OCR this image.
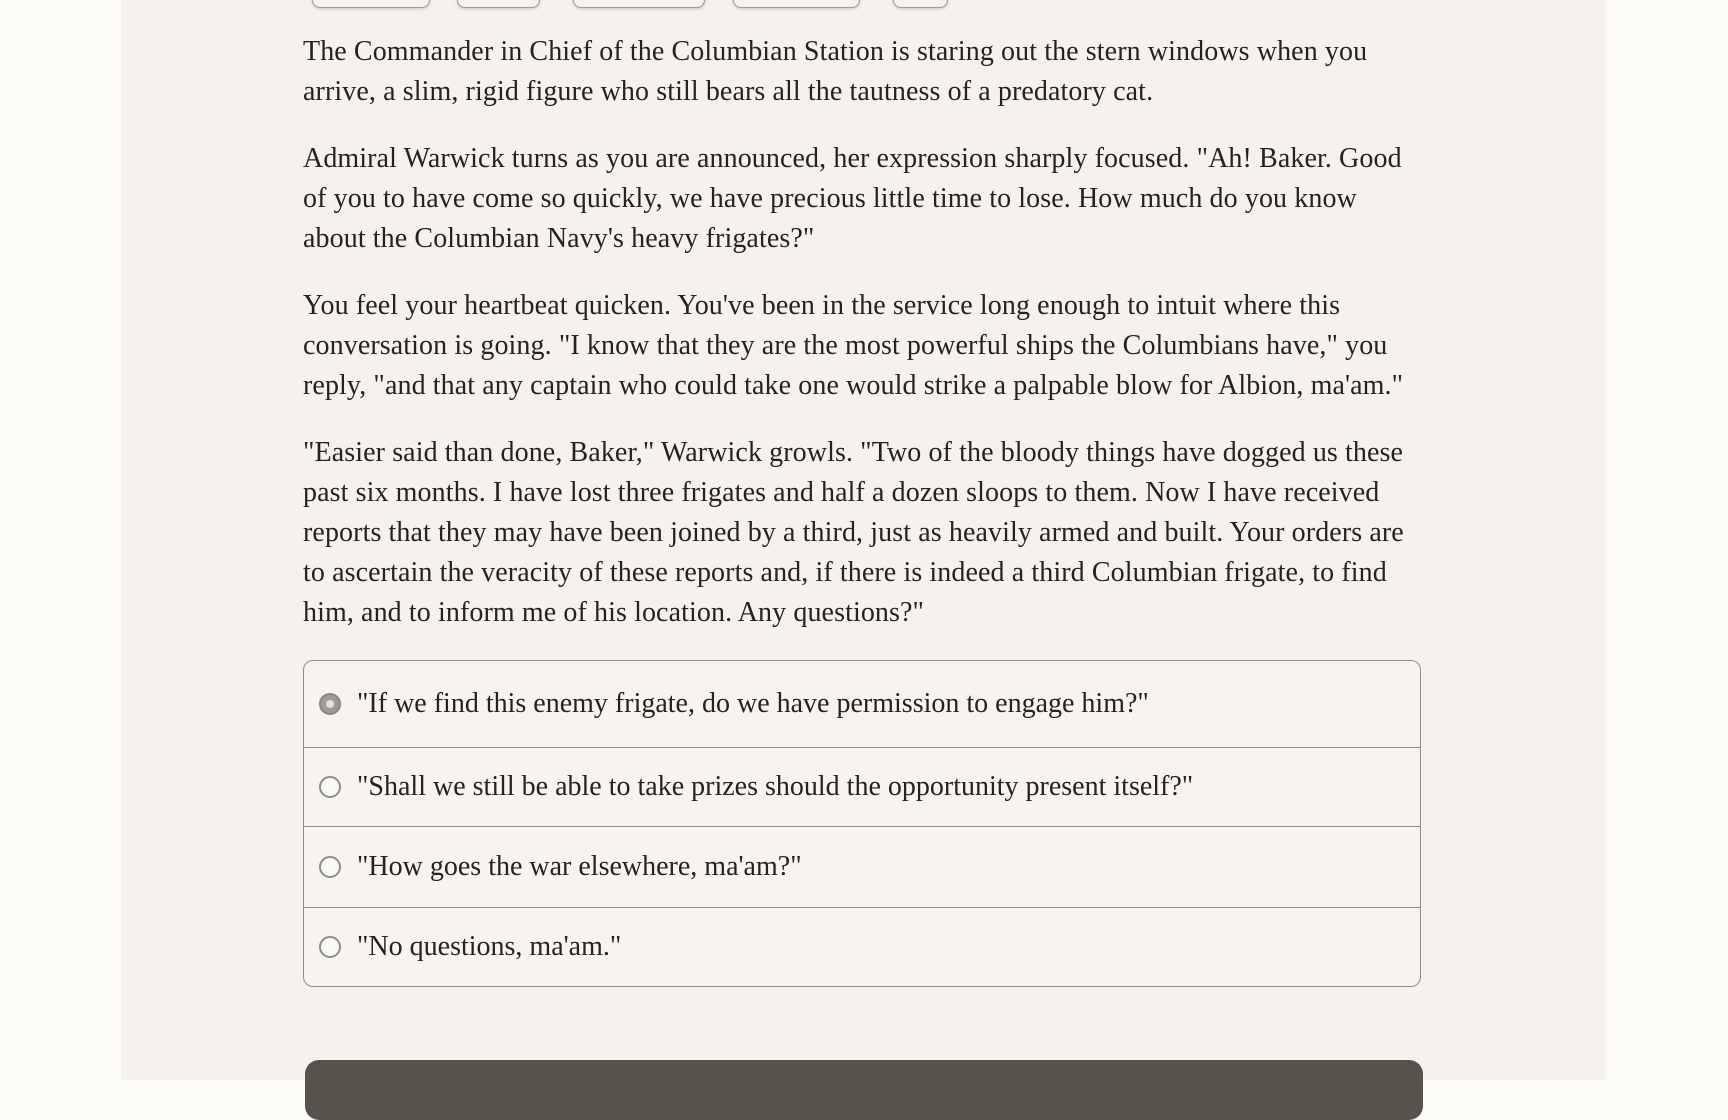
The Commander in Chief of the Columbian Station is staring out the stern windows when you arrive, a slim, rigid figure who still bears all the tautness of a predatory cat.

Admiral Warwick turns as you are announced, her expression sharply focused. "Ah! Baker. Good of you to have come so quickly, we have precious little time to lose. How much do you know about the Columbian Navy's heavy frigates?"

You feel your heartbeat quicken. You've been in the service long enough to intuit where this conversation is going. "I know that they are the most powerful ships the Columbians have," you reply, "and that any captain who could take one would strike a palpable blow for Albion, ma'am."

"Easier said than done, Baker," Warwick growls. "Two of the bloody things have dogged us these past six months. I have lost three frigates and half a dozen sloops to them. Now I have received reports that they may have been joined by a third, just as heavily armed and built. Your orders are to ascertain the veracity of these reports and, if there is indeed a third Columbian frigate, to find him, and to inform me of his location. Any questions?"

"If we find this enemy frigate, do we have permission to engage him?"
"Shall we still be able to take prizes should the opportunity present itself?"
"How goes the war elsewhere, ma'am?"
"No questions, ma'am."
